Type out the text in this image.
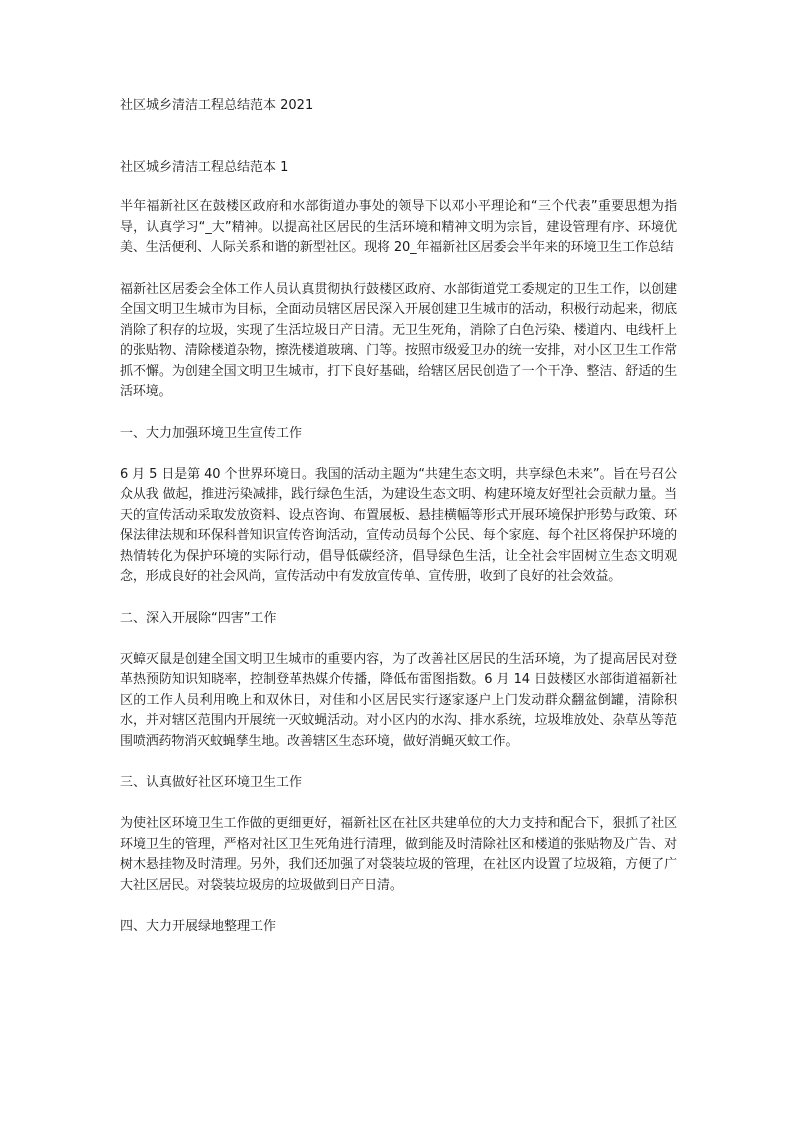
社区城乡清洁工程总结范本 2021
社区城乡清洁工程总结范本 1

半年福新社区在鼓楼区政府和水部街道办事处的领导下以邓小平理论和“三个代表”重要思想为指导，认真学习“_大”精神。以提高社区居民的生活环境和精神文明为宗旨，建设管理有序、环境优美、生活便利、人际关系和谐的新型社区。现将 20_年福新社区居委会半年来的环境卫生工作总结

福新社区居委会全体工作人员认真贯彻执行鼓楼区政府、水部街道党工委规定的卫生工作，以创建全国文明卫生城市为目标，全面动员辖区居民深入开展创建卫生城市的活动，积极行动起来，彻底消除了积存的垃圾，实现了生活垃圾日产日清。无卫生死角，消除了白色污染、楼道内、电线杆上的张贴物、清除楼道杂物，擦洗楼道玻璃、门等。按照市级爱卫办的统一安排，对小区卫生工作常抓不懈。为创建全国文明卫生城市，打下良好基础，给辖区居民创造了一个干净、整洁、舒适的生活环境。

一、大力加强环境卫生宣传工作

6 月 5 日是第 40 个世界环境日。我国的活动主题为“共建生态文明，共享绿色未来”。旨在号召公众从我 做起，推进污染减排，践行绿色生活，为建设生态文明、构建环境友好型社会贡献力量。当天的宣传活动采取发放资料、设点咨询、布置展板、悬挂横幅等形式开展环境保护形势与政策、环保法律法规和环保科普知识宣传咨询活动，宣传动员每个公民、每个家庭、每个社区将保护环境的热情转化为保护环境的实际行动，倡导低碳经济，倡导绿色生活，让全社会牢固树立生态文明观念，形成良好的社会风尚，宣传活动中有发放宣传单、宣传册，收到了良好的社会效益。

二、深入开展除“四害”工作

灭蟑灭鼠是创建全国文明卫生城市的重要内容，为了改善社区居民的生活环境，为了提高居民对登革热预防知识知晓率，控制登革热媒介传播，降低布雷图指数。6 月 14 日鼓楼区水部街道福新社区的工作人员利用晚上和双休日，对佳和小区居民实行逐家逐户上门发动群众翻盆倒罐，清除积水，并对辖区范围内开展统一灭蚊蝇活动。对小区内的水沟、排水系统，垃圾堆放处、杂草丛等范围喷洒药物消灭蚊蝇孳生地。改善辖区生态环境，做好消蝇灭蚊工作。

三、认真做好社区环境卫生工作

为使社区环境卫生工作做的更细更好，福新社区在社区共建单位的大力支持和配合下，狠抓了社区环境卫生的管理，严格对社区卫生死角进行清理，做到能及时清除社区和楼道的张贴物及广告、对树木悬挂物及时清理。另外，我们还加强了对袋装垃圾的管理，在社区内设置了垃圾箱，方便了广大社区居民。对袋装垃圾房的垃圾做到日产日清。

四、大力开展绿地整理工作
